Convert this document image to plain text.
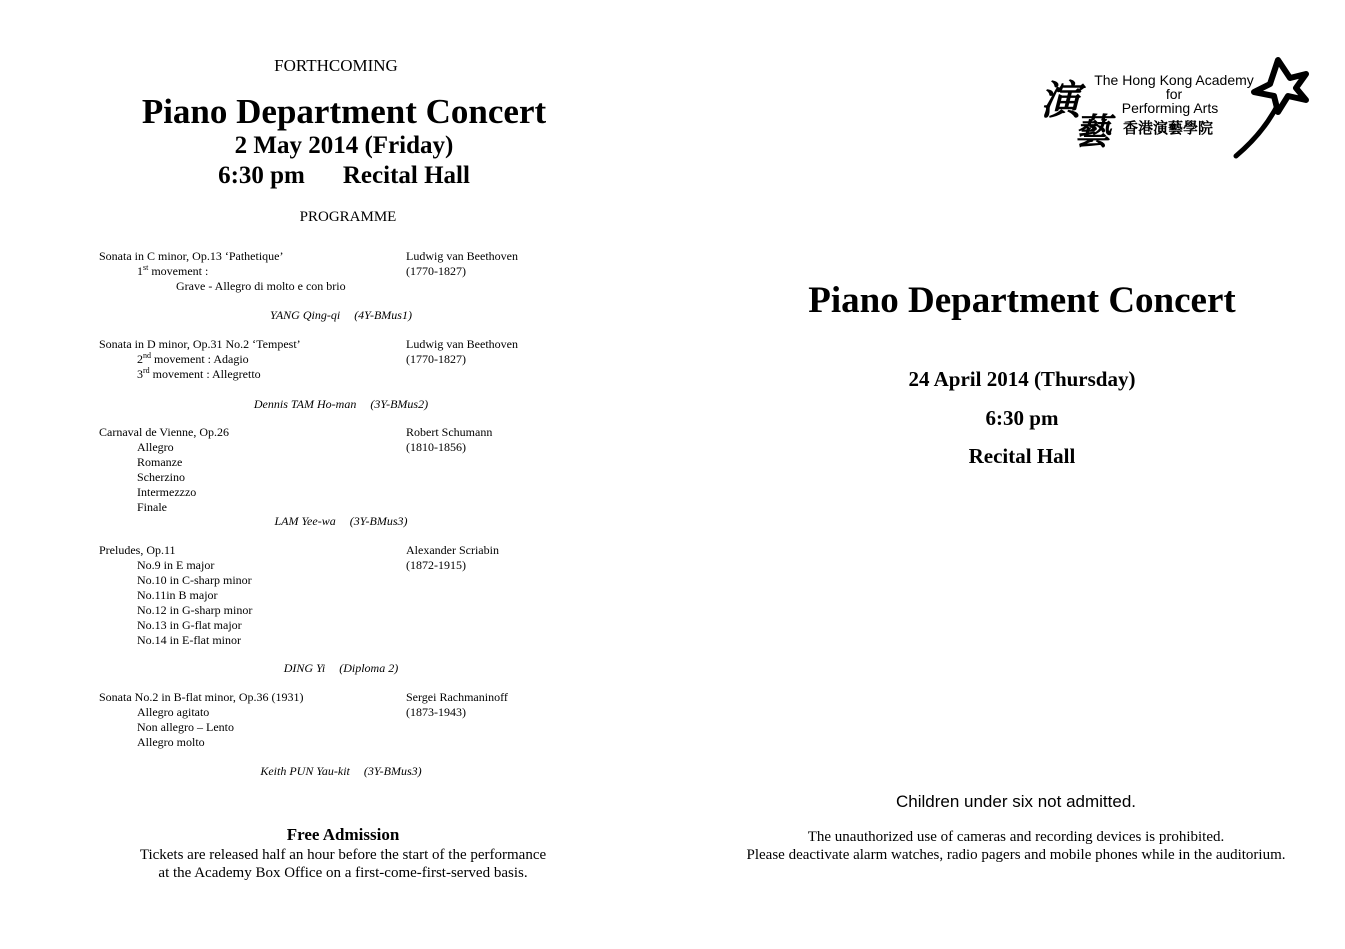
FORTHCOMING
Piano Department Concert
2 May 2014 (Friday)
6:30 pm Recital Hall
PROGRAMME
Sonata in C minor, Op.13 ‘Pathetique’
1st movement :
Grave - Allegro di molto e con brio
Ludwig van Beethoven
(1770-1827)
YANG Qing-qi (4Y-BMus1)
Sonata in D minor, Op.31 No.2 ‘Tempest’
2nd movement : Adagio
3rd movement : Allegretto
Ludwig van Beethoven
(1770-1827)
Dennis TAM Ho-man (3Y-BMus2)
Carnaval de Vienne, Op.26
Allegro
Romanze
Scherzino
Intermezzzo
Finale
Robert Schumann
(1810-1856)
LAM Yee-wa (3Y-BMus3)
Preludes, Op.11
No.9 in E major
No.10 in C-sharp minor
No.11in B major
No.12 in G-sharp minor
No.13 in G-flat major
No.14 in E-flat minor
Alexander Scriabin
(1872-1915)
DING Yi (Diploma 2)
Sonata No.2 in B-flat minor, Op.36 (1931)
Allegro agitato
Non allegro – Lento
Allegro molto
Sergei Rachmaninoff
(1873-1943)
Keith PUN Yau-kit (3Y-BMus3)
Free Admission
Tickets are released half an hour before the start of the performance
at the Academy Box Office on a first-come-first-served basis.
演
藝
The Hong Kong Academy
for
Performing Arts
香港演藝學院
Piano Department Concert
24 April 2014 (Thursday)
6:30 pm
Recital Hall
Children under six not admitted.
The unauthorized use of cameras and recording devices is prohibited.
Please deactivate alarm watches, radio pagers and mobile phones while in the auditorium.
